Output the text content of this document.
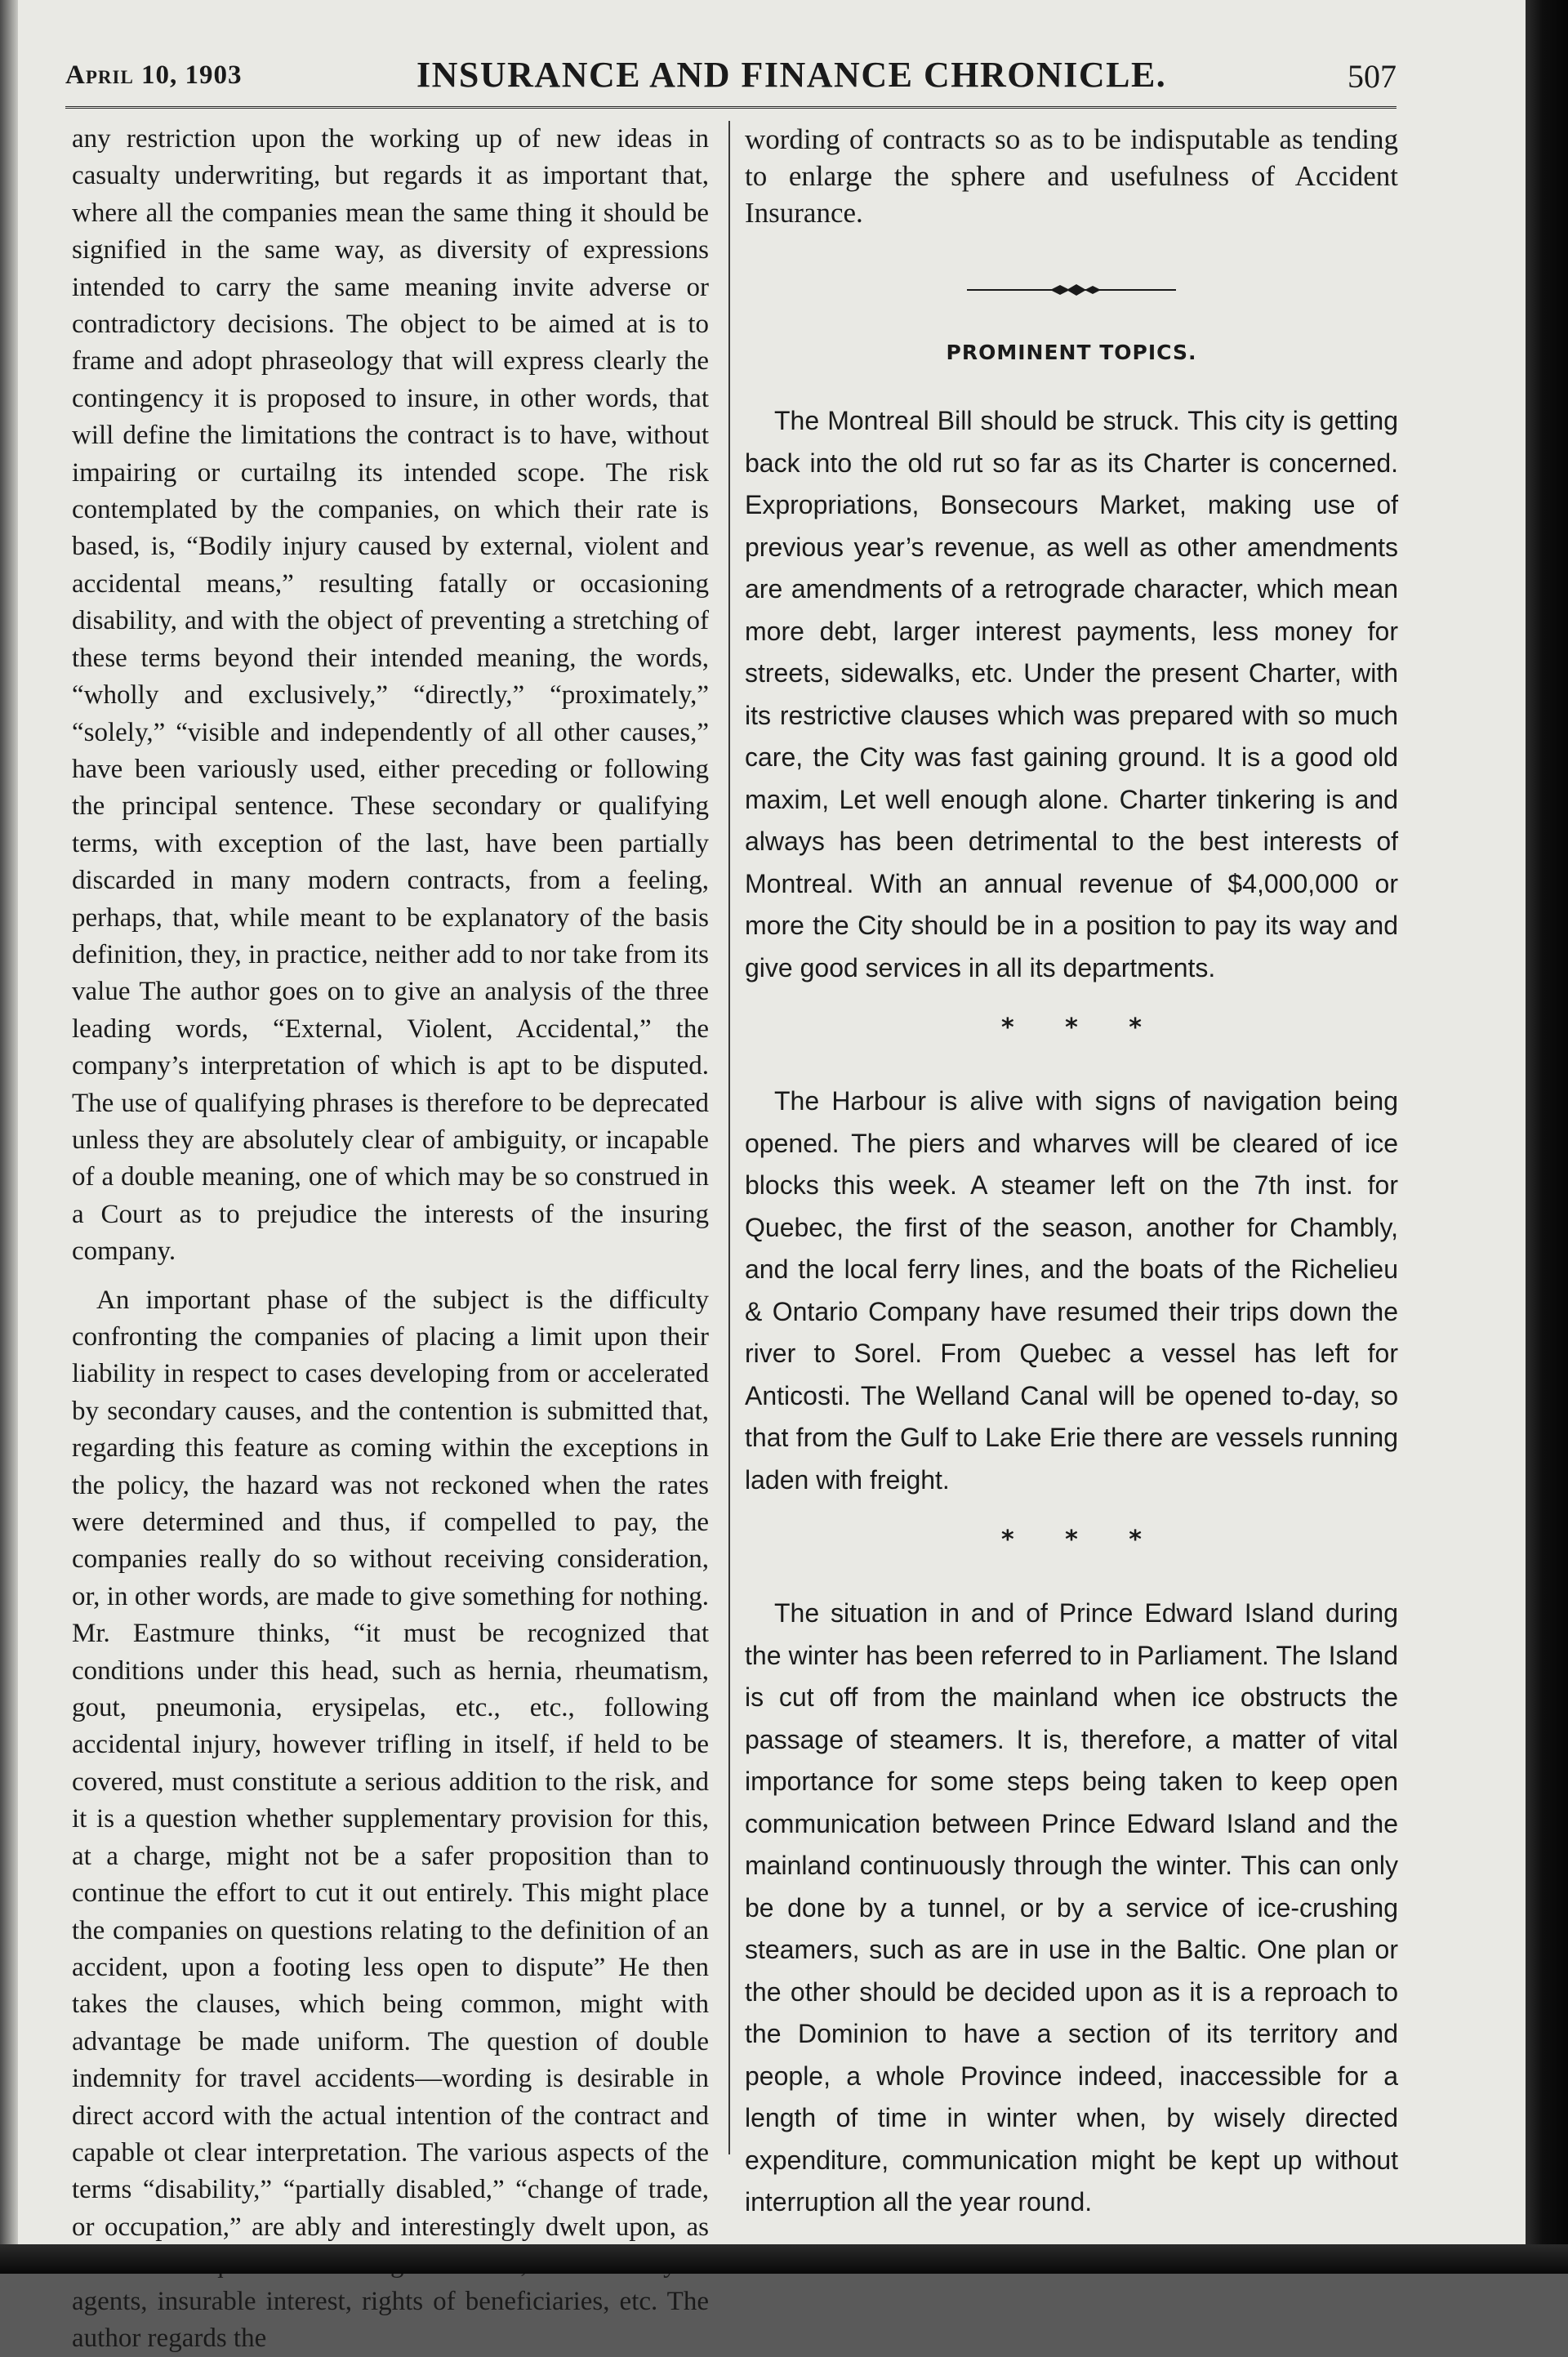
April 10, 1903	INSURANCE AND FINANCE CHRONICLE.	507

any restriction upon the working up of new ideas in casualty underwriting, but regards it as important that, where all the companies mean the same thing it should be signified in the same way, as diversity of expressions intended to carry the same meaning invite adverse or contradictory decisions. The object to be aimed at is to frame and adopt phraseology that will express clearly the contingency it is proposed to insure, in other words, that will define the limitations the contract is to have, without impairing or curtailng its intended scope. The risk contemplated by the companies, on which their rate is based, is, “Bodily injury caused by external, violent and accidental means,” resulting fatally or occasioning disability, and with the object of preventing a stretching of these terms beyond their intended meaning, the words, “wholly and exclusively,” “directly,” “proximately,” “solely,” “visible and independently of all other causes,” have been variously used, either preceding or following the principal sentence. These secondary or qualifying terms, with exception of the last, have been partially discarded in many modern contracts, from a feeling, perhaps, that, while meant to be explanatory of the basis definition, they, in practice, neither add to nor take from its value The author goes on to give an analysis of the three leading words, “External, Violent, Accidental,” the company’s interpretation of which is apt to be disputed. The use of qualifying phrases is therefore to be deprecated unless they are absolutely clear of ambiguity, or incapable of a double meaning, one of which may be so construed in a Court as to prejudice the interests of the insuring company.

An important phase of the subject is the difficulty confronting the companies of placing a limit upon their liability in respect to cases developing from or accelerated by secondary causes, and the contention is submitted that, regarding this feature as coming within the exceptions in the policy, the hazard was not reckoned when the rates were determined and thus, if compelled to pay, the companies really do so without receiving consideration, or, in other words, are made to give something for nothing. Mr. Eastmure thinks, “it must be recognized that conditions under this head, such as hernia, rheumatism, gout, pneumonia, erysipelas, etc., etc., following accidental injury, however trifling in itself, if held to be covered, must constitute a serious addition to the risk, and it is a question whether supplementary provision for this, at a charge, might not be a safer proposition than to continue the effort to cut it out entirely. This might place the companies on questions relating to the definition of an accident, upon a footing less open to dispute” He then takes the clauses, which being common, might with advantage be made uniform. The question of double indemnity for travel accidents—wording is desirable in direct accord with the actual intention of the contract and capable ot clear interpretation. The various aspects of the terms “disability,” “partially disabled,” “change of trade, or occupation,” are ably and interestingly dwelt upon, as agents, insurable interest, rights of beneficiaries, etc. The author regards the

wording of contracts so as to be indisputable as tending to enlarge the sphere and usefulness of Accident Insurance.

PROMINENT TOPICS.

The Montreal Bill should be struck. This city is getting back into the old rut so far as its Charter is concerned. Expropriations, Bonsecours Market, making use of previous year’s revenue, as well as other amendments are amendments of a retrograde character, which mean more debt, larger interest payments, less money for streets, sidewalks, etc. Under the present Charter, with its restrictive clauses which was prepared with so much care, the City was fast gaining ground. It is a good old maxim, Let well enough alone. Charter tinkering is and always has been detrimental to the best interests of Montreal. With an annual revenue of $4,000,000 or more the City should be in a position to pay its way and give good services in all its departments.

* * *

The Harbour is alive with signs of navigation being opened. The piers and wharves will be cleared of ice blocks this week. A steamer left on the 7th inst. for Quebec, the first of the season, another for Chambly, and the local ferry lines, and the boats of the Richelieu & Ontario Company have resumed their trips down the river to Sorel. From Quebec a vessel has left for Anticosti. The Welland Canal will be opened to-day, so that from the Gulf to Lake Erie there are vessels running laden with freight.

* * *

The situation in and of Prince Edward Island during the winter has been referred to in Parliament. The Island is cut off from the mainland when ice obstructs the passage of steamers. It is, therefore, a matter of vital importance for some steps being taken to keep open communication between Prince Edward Island and the mainland continuously through the winter. This can only be done by a tunnel, or by a service of ice-crushing steamers, such as are in use in the Baltic. One plan or the other should be decided upon as it is a reproach to the Dominion to have a section of its territory and people, a whole Province indeed, inaccessible for a length of time in winter when, by wisely directed expenditure, communication might be kept up without interruption all the year round.
